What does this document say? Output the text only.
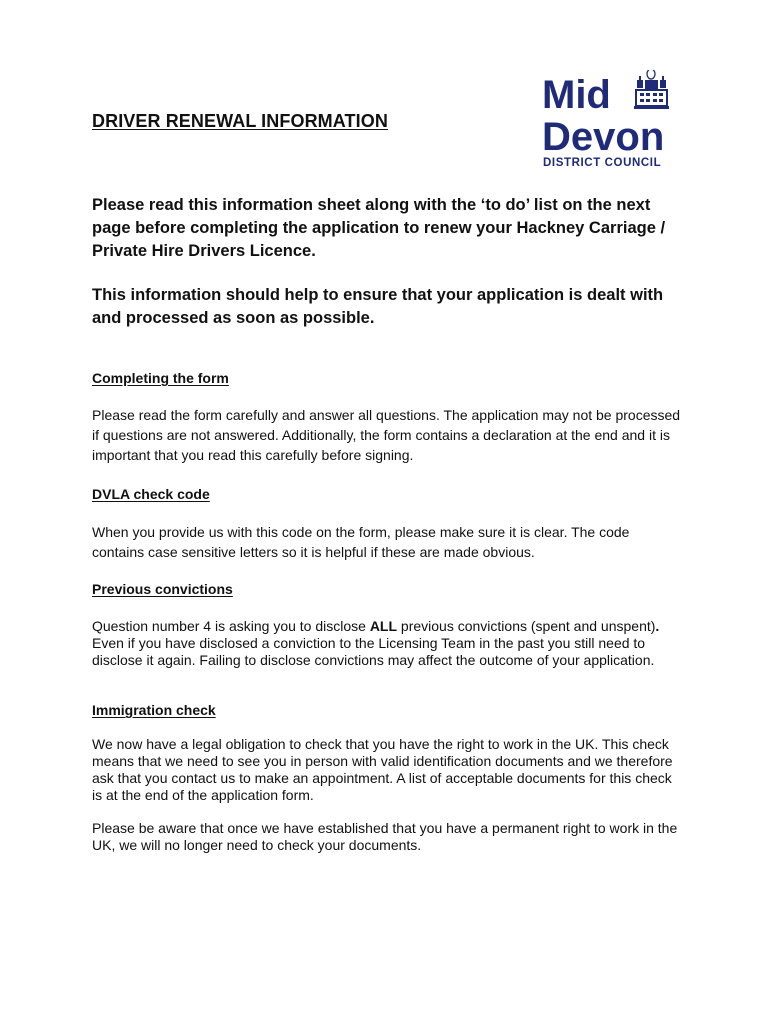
Mid
Devon
DISTRICT COUNCIL
DRIVER RENEWAL INFORMATION

Please read this information sheet along with the ‘to do’ list on the next page before completing the application to renew your Hackney Carriage / Private Hire Drivers Licence.

This information should help to ensure that your application is dealt with and processed as soon as possible.

Completing the form

Please read the form carefully and answer all questions. The application may not be processed if questions are not answered. Additionally, the form contains a declaration at the end and it is important that you read this carefully before signing.

DVLA check code

When you provide us with this code on the form, please make sure it is clear. The code contains case sensitive letters so it is helpful if these are made obvious.

Previous convictions

Question number 4 is asking you to disclose ALL previous convictions (spent and unspent). Even if you have disclosed a conviction to the Licensing Team in the past you still need to disclose it again. Failing to disclose convictions may affect the outcome of your application.

Immigration check

We now have a legal obligation to check that you have the right to work in the UK. This check means that we need to see you in person with valid identification documents and we therefore ask that you contact us to make an appointment. A list of acceptable documents for this check is at the end of the application form.

Please be aware that once we have established that you have a permanent right to work in the UK, we will no longer need to check your documents.
